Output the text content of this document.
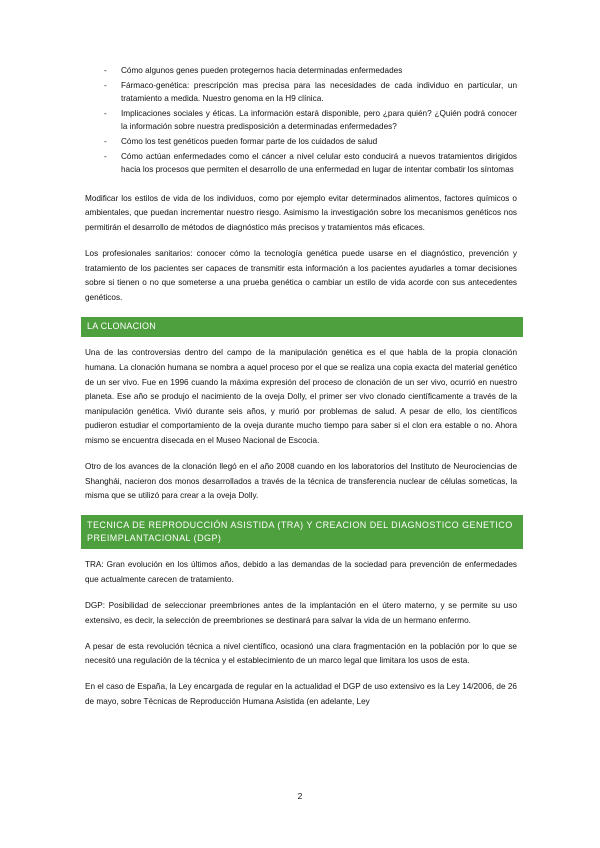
- Cómo algunos genes pueden protegernos hacia determinadas enfermedades
- Fármaco-genética: prescripción mas precisa para las necesidades de cada individuo en particular, un tratamiento a medida. Nuestro genoma en la H9 clínica.
- Implicaciones sociales y éticas. La información estará disponible, pero ¿para quién? ¿Quién podrá conocer la información sobre nuestra predisposición a determinadas enfermedades?
- Cómo los test genéticos pueden formar parte de los cuidados de salud
- Cómo actúan enfermedades como el cáncer a nivel celular esto conducirá a nuevos tratamientos dirigidos hacia los procesos que permiten el desarrollo de una enfermedad en lugar de intentar combatir los síntomas

Modificar los estilos de vida de los individuos, como por ejemplo evitar determinados alimentos, factores químicos o ambientales, que puedan incrementar nuestro riesgo. Asimismo la investigación sobre los mecanismos genéticos nos permitirán el desarrollo de métodos de diagnóstico más precisos y tratamientos más eficaces.

Los profesionales sanitarios: conocer cómo la tecnología genética puede usarse en el diagnóstico, prevención y tratamiento de los pacientes ser capaces de transmitir esta información a los pacientes ayudarles a tomar decisiones sobre si tienen o no que someterse a una prueba genética o cambiar un estilo de vida acorde con sus antecedentes genéticos.

LA CLONACION

Una de las controversias dentro del campo de la manipulación genética es el que habla de la propia clonación humana. La clonación humana se nombra a aquel proceso por el que se realiza una copia exacta del material genético de un ser vivo. Fue en 1996 cuando la máxima expresión del proceso de clonación de un ser vivo, ocurrió en nuestro planeta. Ese año se produjo el nacimiento de la oveja Dolly, el primer ser vivo clonado científicamente a través de la manipulación genética. Vivió durante seis años, y murió por problemas de salud. A pesar de ello, los científicos pudieron estudiar el comportamiento de la oveja durante mucho tiempo para saber si el clon era estable o no. Ahora mismo se encuentra disecada en el Museo Nacional de Escocia.

Otro de los avances de la clonación llegó en el año 2008 cuando en los laboratorios del Instituto de Neurociencias de Shanghái, nacieron dos monos desarrollados a través de la técnica de transferencia nuclear de células someticas, la misma que se utilizó para crear a la oveja Dolly.

TECNICA DE REPRODUCCIÓN ASISTIDA (TRA) Y CREACION DEL DIAGNOSTICO GENETICO PREIMPLANTACIONAL (DGP)

TRA: Gran evolución en los últimos años, debido a las demandas de la sociedad para prevención de enfermedades que actualmente carecen de tratamiento.

DGP: Posibilidad de seleccionar preembriones antes de la implantación en el útero materno, y se permite su uso extensivo, es decir, la selección de preembriones se destinará para salvar la vida de un hermano enfermo.

A pesar de esta revolución técnica a nivel científico, ocasionó una clara fragmentación en la población por lo que se necesitó una regulación de la técnica y el establecimiento de un marco legal que limitara los usos de esta.

En el caso de España, la Ley encargada de regular en la actualidad el DGP de uso extensivo es la Ley 14/2006, de 26 de mayo, sobre Técnicas de Reproducción Humana Asistida (en adelante, Ley

2
